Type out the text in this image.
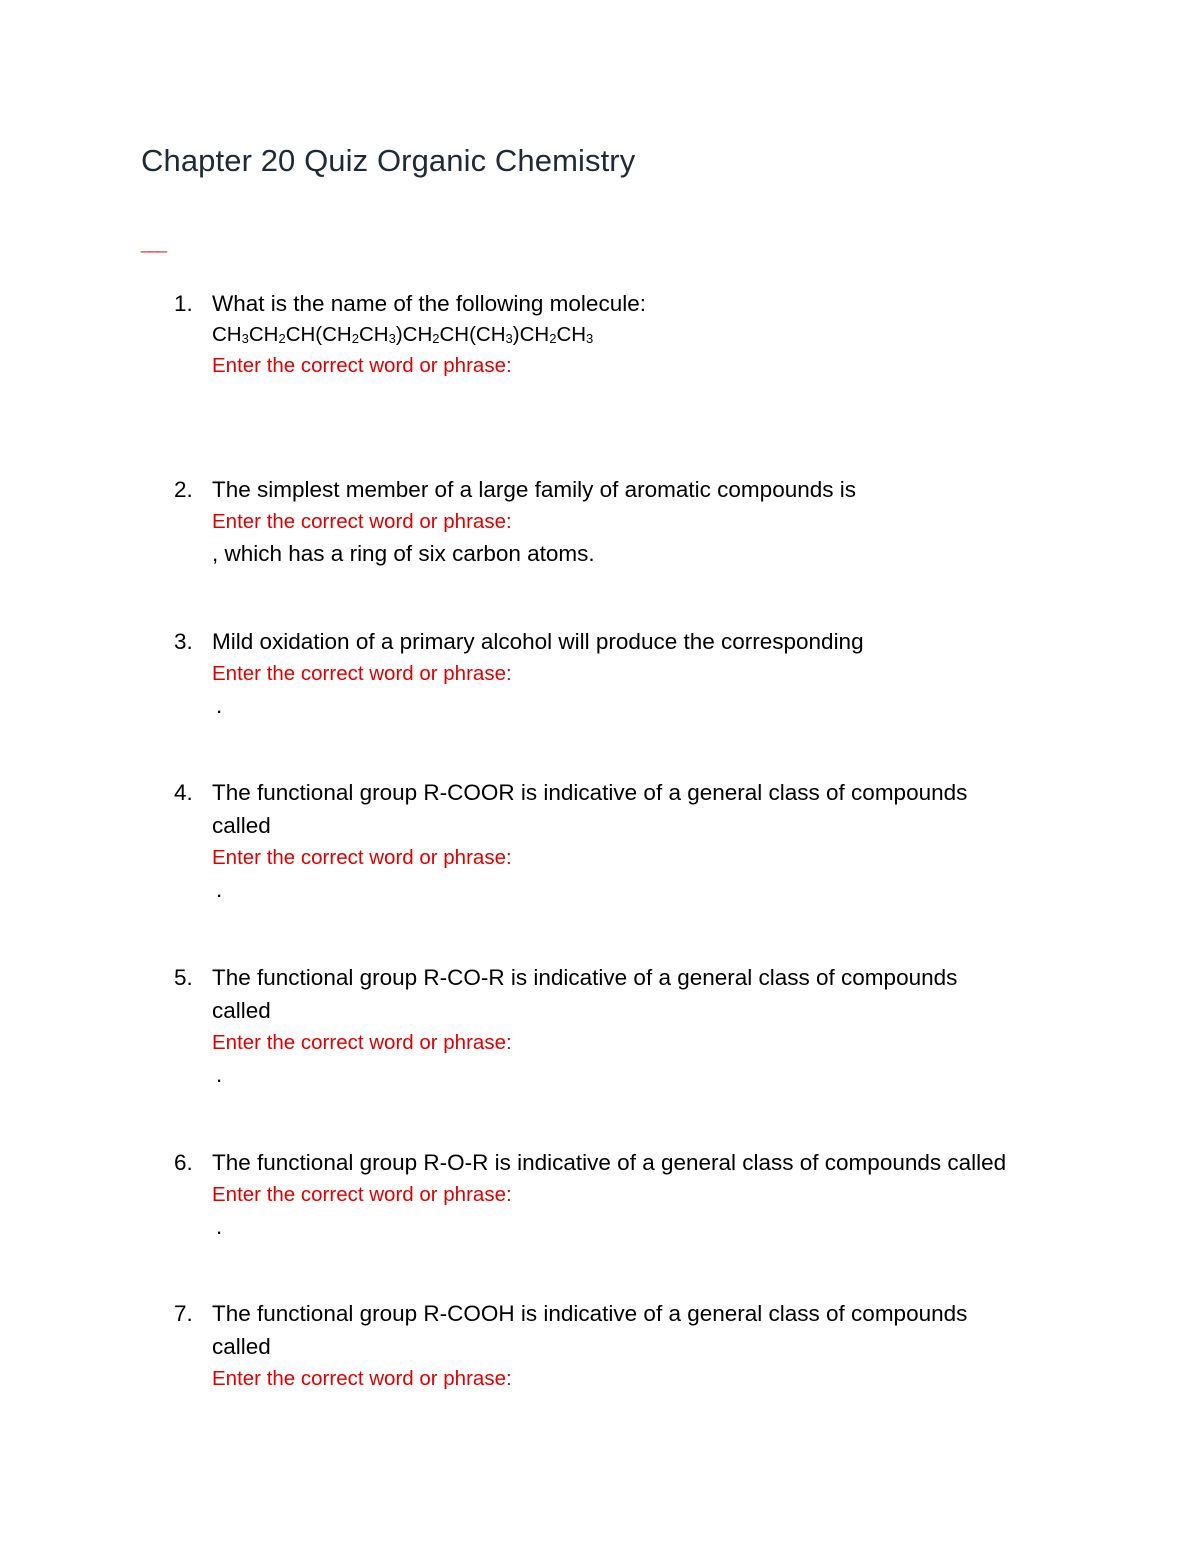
Chapter 20 Quiz Organic Chemistry
___
1. What is the name of the following molecule:
$CH_3CH_2CH(CH_2CH_3)CH_2CH(CH_3)CH_2CH_3$
Enter the correct word or phrase:
2. The simplest member of a large family of aromatic compounds is
Enter the correct word or phrase:
, which has a ring of six carbon atoms.
3. Mild oxidation of a primary alcohol will produce the corresponding
Enter the correct word or phrase:
.
4. The functional group R-COOR is indicative of a general class of compounds
called
Enter the correct word or phrase:
.
5. The functional group R-CO-R is indicative of a general class of compounds
called
Enter the correct word or phrase:
.
6. The functional group R-O-R is indicative of a general class of compounds called
Enter the correct word or phrase:
.
7. The functional group R-COOH is indicative of a general class of compounds
called
Enter the correct word or phrase:
